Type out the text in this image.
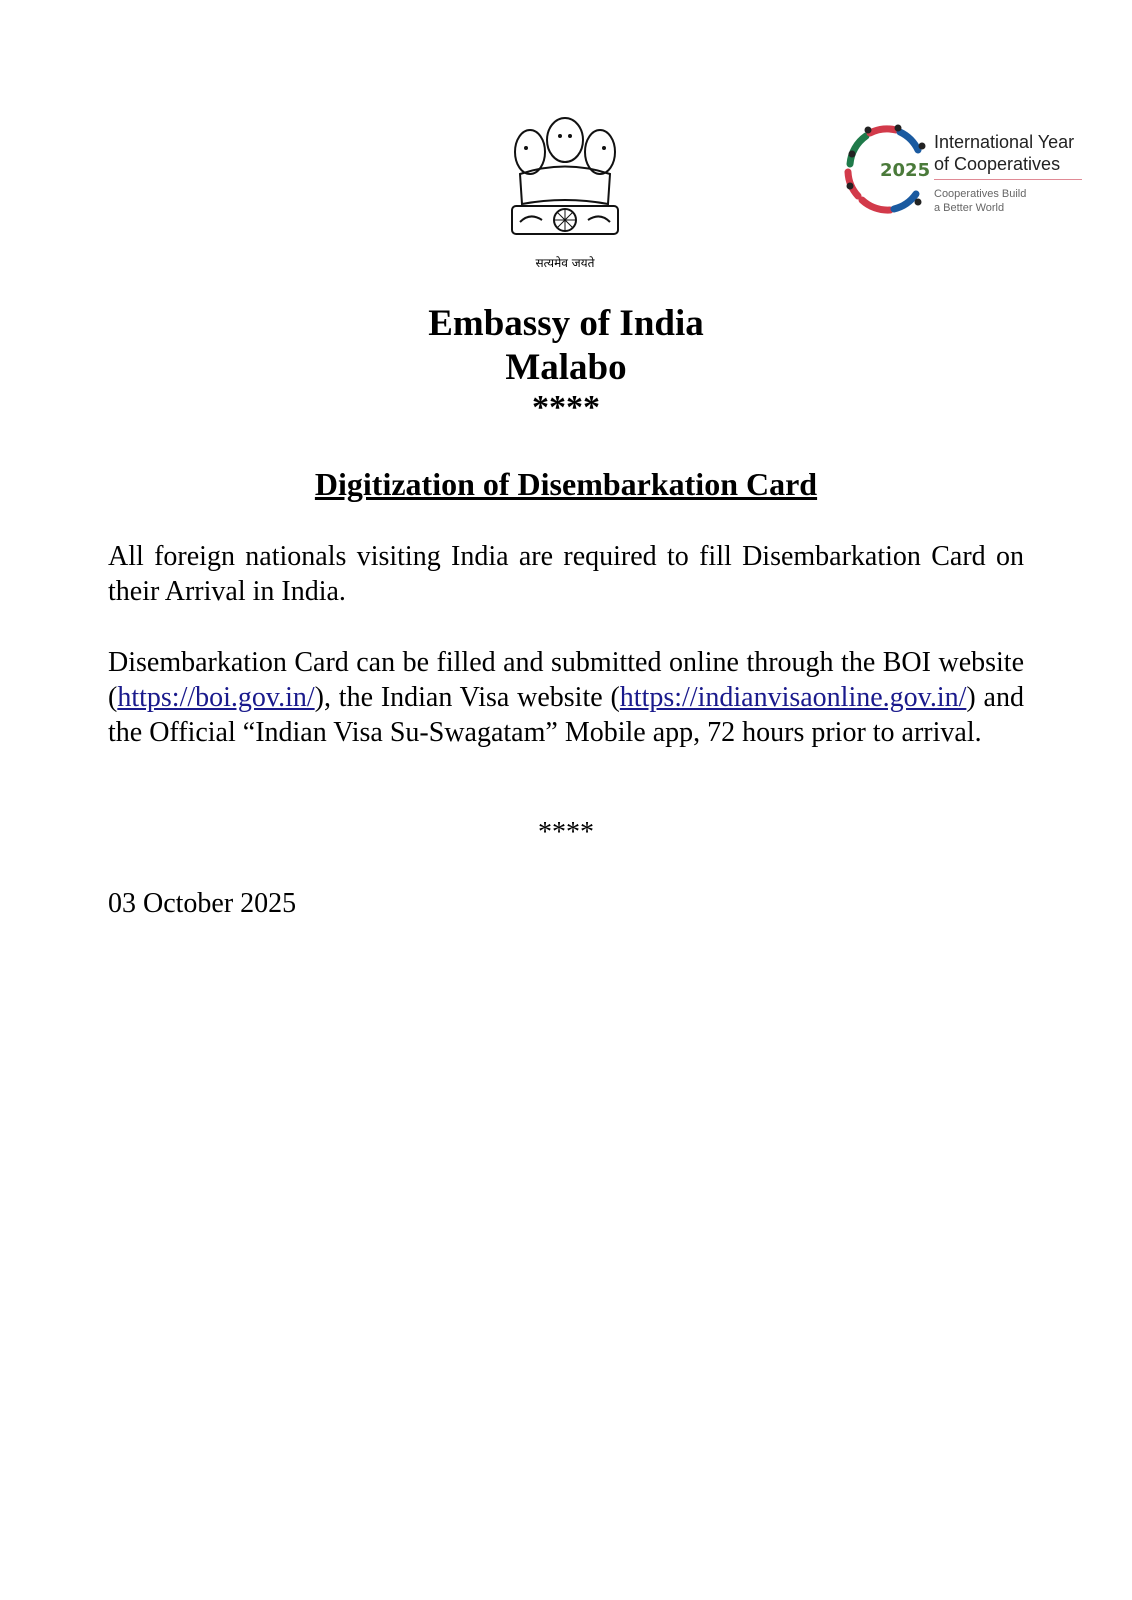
सत्यमेव जयते
2025
International Year
of Cooperatives
Cooperatives Build
a Better World
Embassy of India
Malabo
****
Digitization of Disembarkation Card
All foreign nationals visiting India are required to fill Disembarkation Card on their Arrival in India.
Disembarkation Card can be filled and submitted online through the BOI website (https://boi.gov.in/), the Indian Visa website (https://indianvisaonline.gov.in/) and the Official “Indian Visa Su-Swagatam” Mobile app, 72 hours prior to arrival.
****
03 October 2025
